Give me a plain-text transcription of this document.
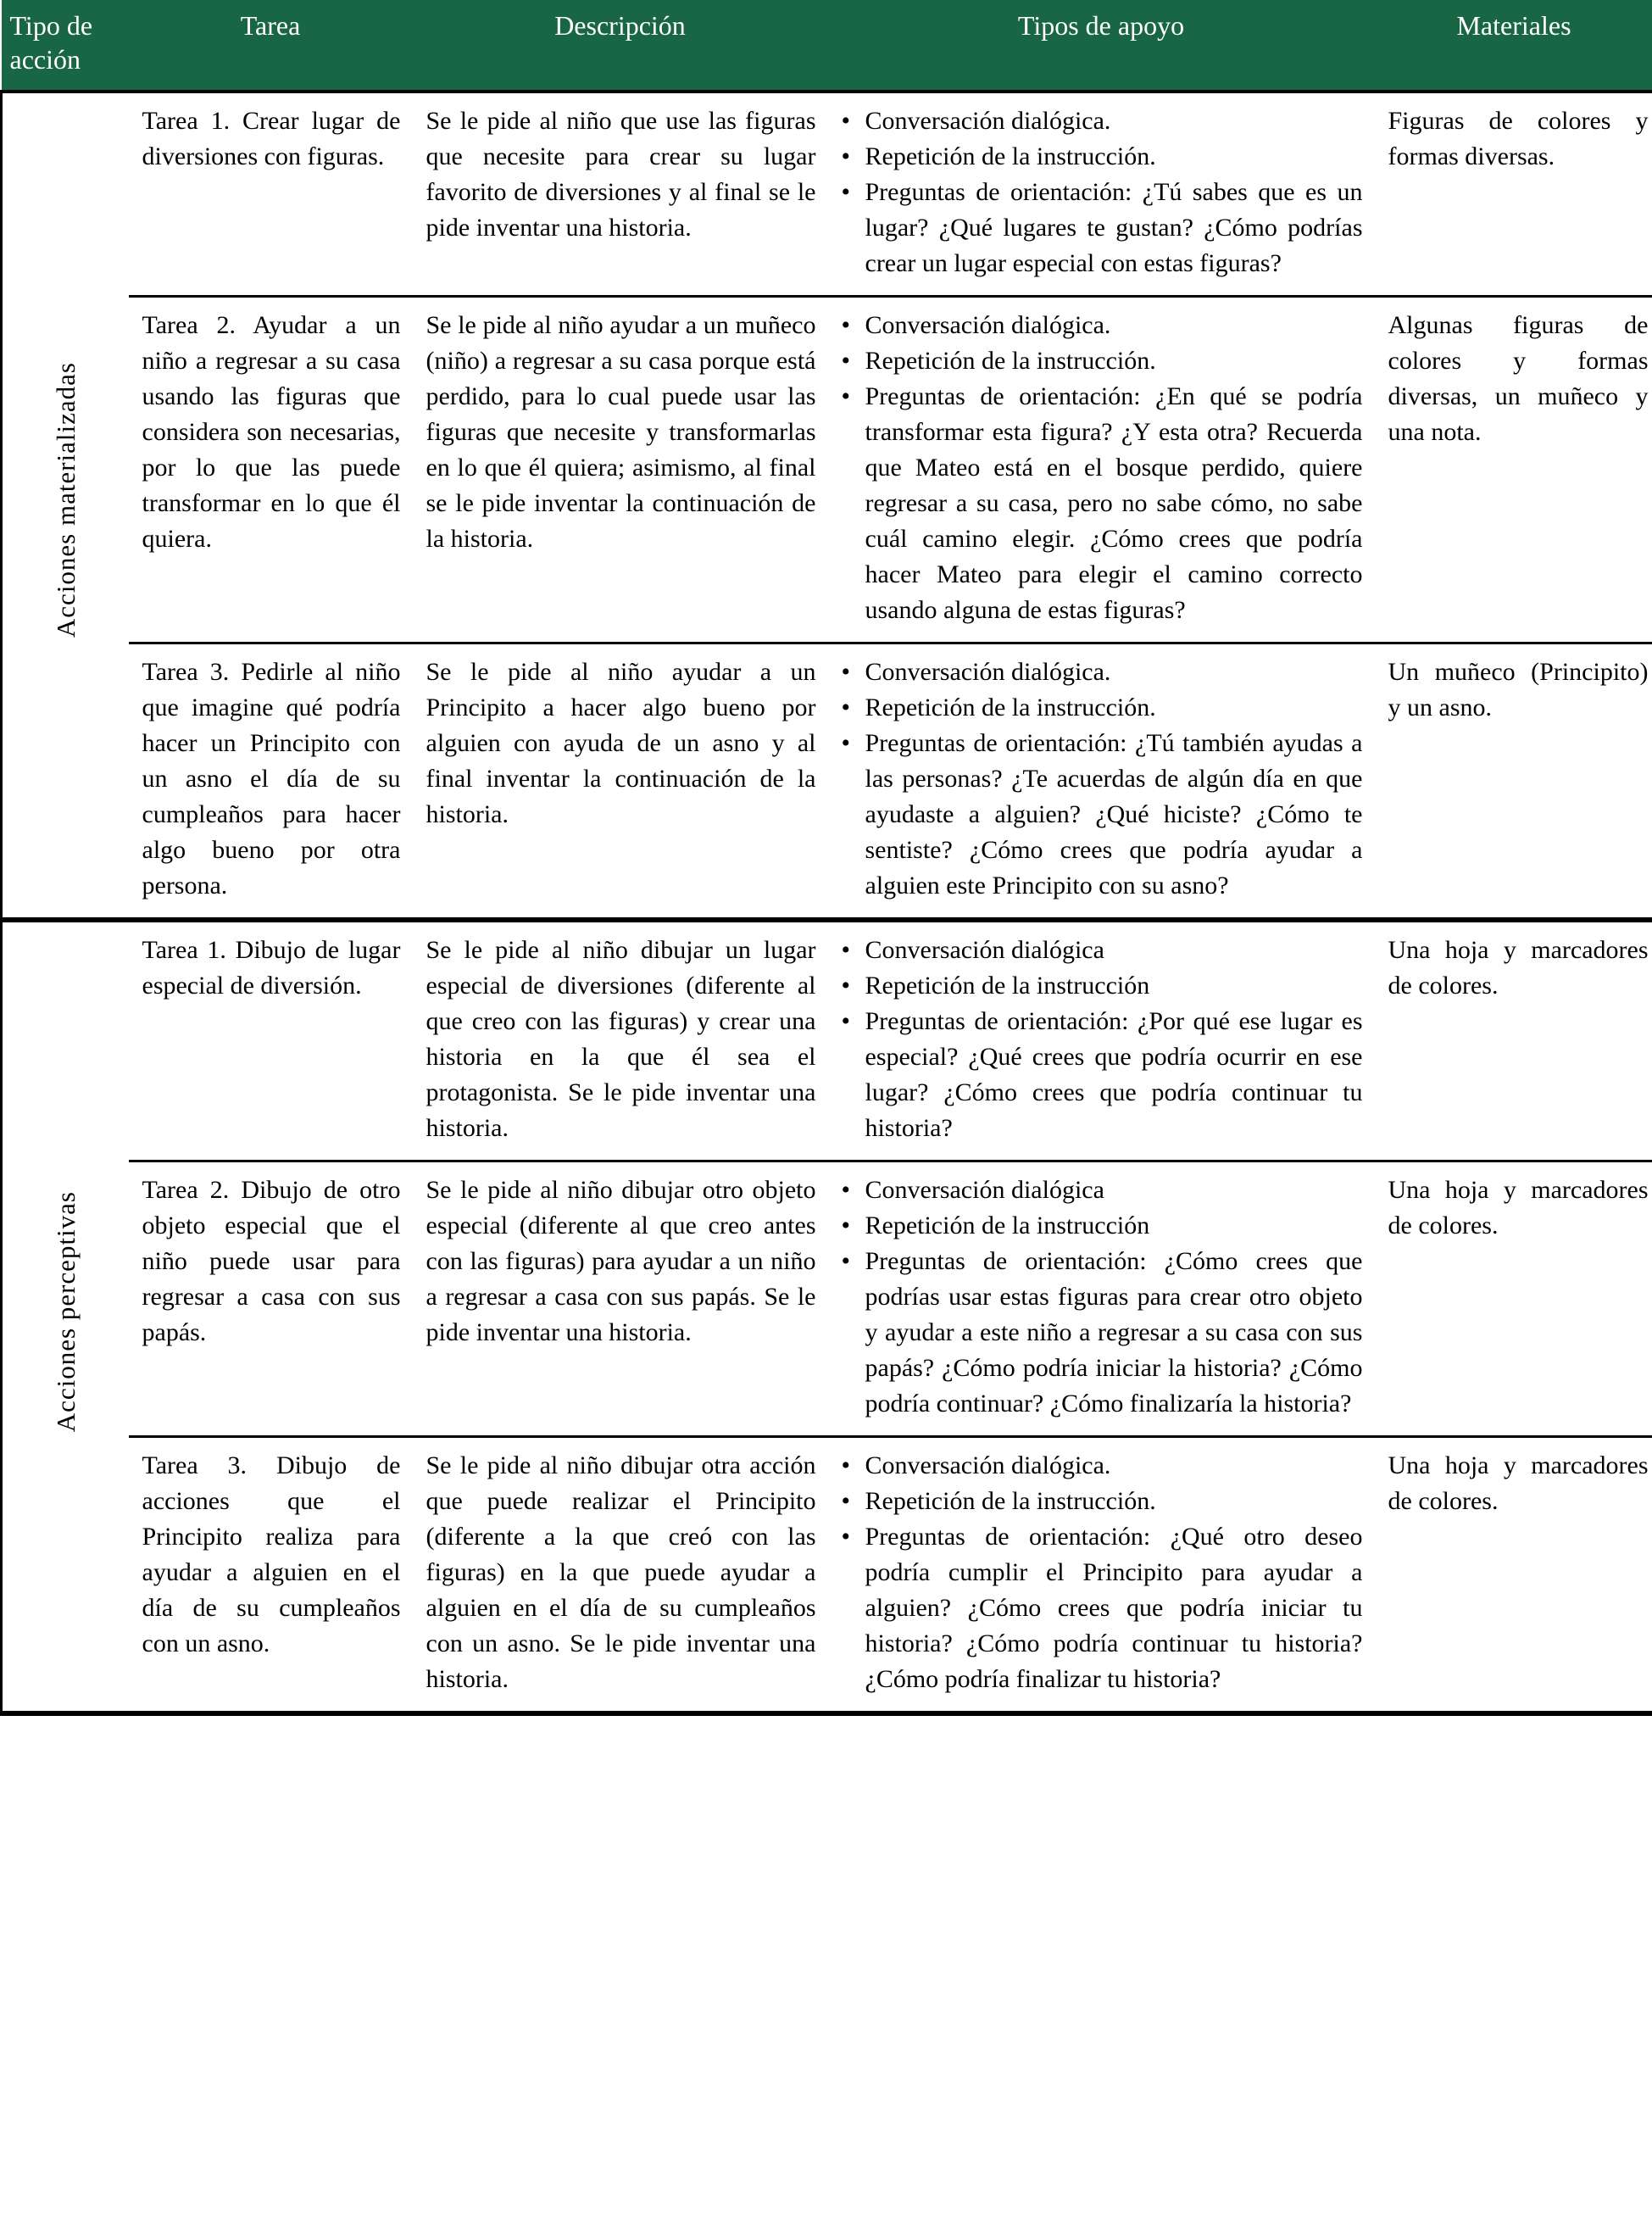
Tipo de acción	Tarea	Descripción	Tipos de apoyo	Materiales
Acciones materializadas	Tarea 1. Crear lugar de diversiones con figuras.	Se le pide al niño que use las figuras que necesite para crear su lugar favorito de diversiones y al final se le pide inventar una historia.	
• Conversación dialógica.
• Repetición de la instrucción.
• Preguntas de orientación: ¿Tú sabes que es un lugar? ¿Qué lugares te gustan? ¿Cómo podrías crear un lugar especial con estas figuras?
	Figuras de colores y formas diversas.
Tarea 2. Ayudar a un niño a regresar a su casa usando las figuras que considera son necesarias, por lo que las puede transformar en lo que él quiera.	Se le pide al niño ayudar a un muñeco (niño) a regresar a su casa porque está perdido, para lo cual puede usar las figuras que necesite y transformarlas en lo que él quiera; asimismo, al final se le pide inventar la continuación de la historia.	
• Conversación dialógica.
• Repetición de la instrucción.
• Preguntas de orientación: ¿En qué se podría transformar esta figura? ¿Y esta otra? Recuerda que Mateo está en el bosque perdido, quiere regresar a su casa, pero no sabe cómo, no sabe cuál camino elegir. ¿Cómo crees que podría hacer Mateo para elegir el camino correcto usando alguna de estas figuras?
	Algunas figuras de colores y formas diversas, un muñeco y una nota.
Tarea 3. Pedirle al niño que imagine qué podría hacer un Principito con un asno el día de su cumpleaños para hacer algo bueno por otra persona.	Se le pide al niño ayudar a un Principito a hacer algo bueno por alguien con ayuda de un asno y al final inventar la continuación de la historia.	
• Conversación dialógica.
• Repetición de la instrucción.
• Preguntas de orientación: ¿Tú también ayudas a las personas? ¿Te acuerdas de algún día en que ayudaste a alguien? ¿Qué hiciste? ¿Cómo te sentiste? ¿Cómo crees que podría ayudar a alguien este Principito con su asno?
	Un muñeco (Principito) y un asno.
Acciones perceptivas	Tarea 1. Dibujo de lugar especial de diversión.	Se le pide al niño dibujar un lugar especial de diversiones (diferente al que creo con las figuras) y crear una historia en la que él sea el protagonista. Se le pide inventar una historia.	
• Conversación dialógica
• Repetición de la instrucción
• Preguntas de orientación: ¿Por qué ese lugar es especial? ¿Qué crees que podría ocurrir en ese lugar? ¿Cómo crees que podría continuar tu historia?
	Una hoja y marcadores de colores.
Tarea 2. Dibujo de otro objeto especial que el niño puede usar para regresar a casa con sus papás.	Se le pide al niño dibujar otro objeto especial (diferente al que creo antes con las figuras) para ayudar a un niño a regresar a casa con sus papás. Se le pide inventar una historia.	
• Conversación dialógica
• Repetición de la instrucción
• Preguntas de orientación: ¿Cómo crees que podrías usar estas figuras para crear otro objeto y ayudar a este niño a regresar a su casa con sus papás? ¿Cómo podría iniciar la historia? ¿Cómo podría continuar? ¿Cómo finalizaría la historia?
	Una hoja y marcadores de colores.
Tarea 3. Dibujo de acciones que el Principito realiza para ayudar a alguien en el día de su cumpleaños con un asno.	Se le pide al niño dibujar otra acción que puede realizar el Principito (diferente a la que creó con las figuras) en la que puede ayudar a alguien en el día de su cumpleaños con un asno. Se le pide inventar una historia.	
• Conversación dialógica.
• Repetición de la instrucción.
• Preguntas de orientación: ¿Qué otro deseo podría cumplir el Principito para ayudar a alguien? ¿Cómo crees que podría iniciar tu historia? ¿Cómo podría continuar tu historia? ¿Cómo podría finalizar tu historia?
	Una hoja y marcadores de colores.
